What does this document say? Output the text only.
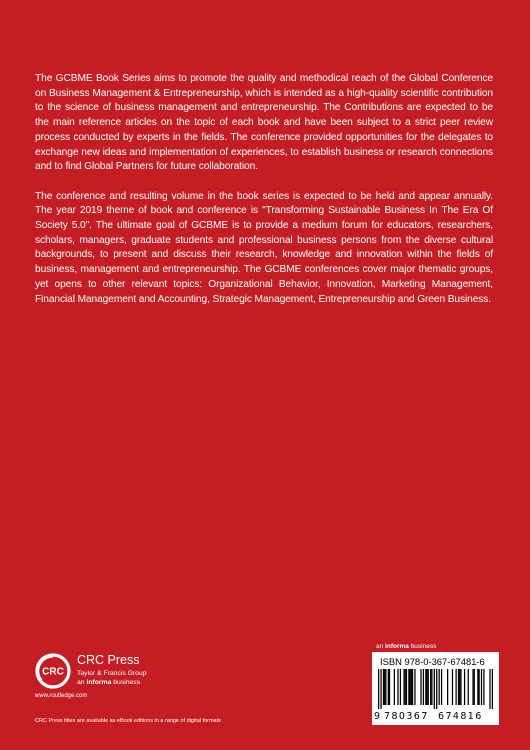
The GCBME Book Series aims to promote the quality and methodical reach of the Global Conference on Business Management & Entrepreneurship, which is intended as a high-quality scientific contribution to the science of business management and entrepreneurship. The Contributions are expected to be the main reference articles on the topic of each book and have been subject to a strict peer review process conducted by experts in the fields. The conference provided opportunities for the delegates to exchange new ideas and implementation of experiences, to establish business or research connections and to find Global Partners for future collaboration.

The conference and resulting volume in the book series is expected to be held and appear annually. The year 2019 theme of book and conference is "Transforming Sustainable Business In The Era Of Society 5.0". The ultimate goal of GCBME is to provide a medium forum for educators, researchers, scholars, managers, graduate students and professional business persons from the diverse cultural backgrounds, to present and discuss their research, knowledge and innovation within the fields of business, management and entrepreneurship. The GCBME conferences cover major thematic groups, yet opens to other relevant topics: Organizational Behavior, Innovation, Marketing Management, Financial Management and Accounting, Strategic Management, Entrepreneurship and Green Business.

CRC
CRC Press
Taylor & Francis Group
an informa business
www.routledge.com
CRC Press titles are available as eBook editions in a range of digital formats
an informa business
ISBN 978-0-367-67481-6
9 780367 674816
